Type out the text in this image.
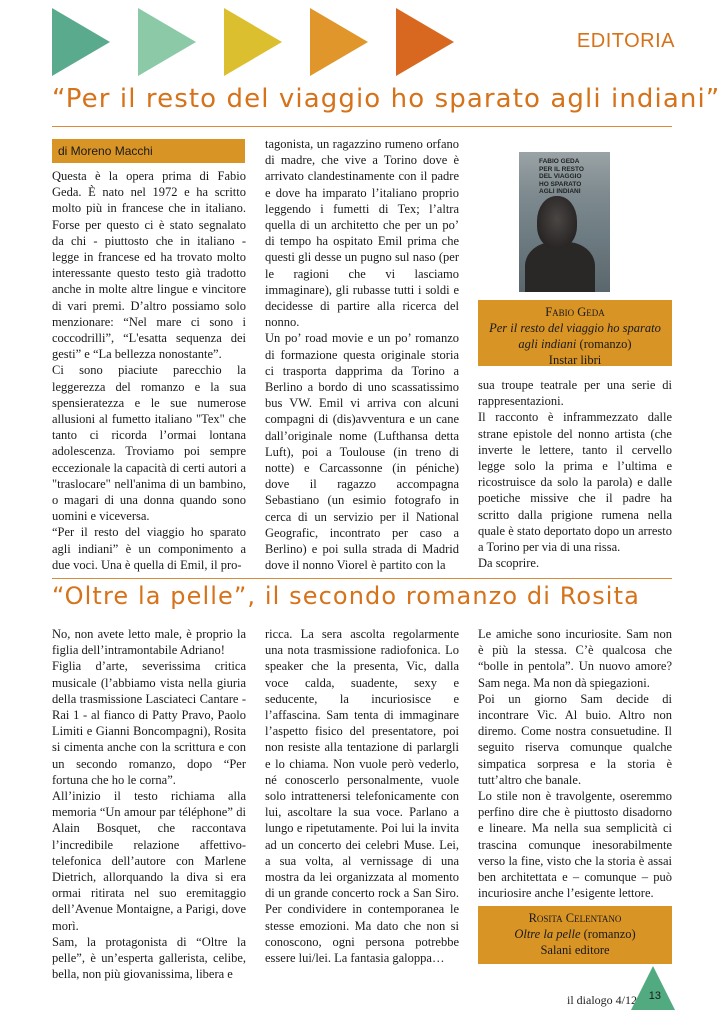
EDITORIA
“Per il resto del viaggio ho sparato agli indiani”
di Moreno Macchi

Questa è la opera prima di Fabio Geda. È nato nel 1972 e ha scritto molto più in francese che in italiano. Forse per questo ci è stato segnalato da chi - piuttosto che in italiano - legge in francese ed ha trovato molto interessante questo testo già tradotto anche in molte altre lingue e vincitore di vari premi. D’altro possiamo solo menzionare: “Nel mare ci sono i coccodrilli”, “L'esatta sequenza dei gesti” e “La bellezza nonostante”.

Ci sono piaciute parecchio la leggerezza del romanzo e la sua spensieratezza e le sue numerose allusioni al fumetto italiano "Tex" che tanto ci ricorda l’ormai lontana adolescenza. Troviamo poi sempre eccezionale la capacità di certi autori a "traslocare" nell'anima di un bambino, o magari di una donna quando sono uomini e viceversa.

“Per il resto del viaggio ho sparato agli indiani” è un componimento a due voci. Una è quella di Emil, il pro-

tagonista, un ragazzino rumeno orfano di madre, che vive a Torino dove è arrivato clandestinamente con il padre e dove ha imparato l’italiano proprio leggendo i fumetti di Tex; l’altra quella di un architetto che per un po’ di tempo ha ospitato Emil prima che questi gli desse un pugno sul naso (per le ragioni che vi lasciamo immaginare), gli rubasse tutti i soldi e decidesse di partire alla ricerca del nonno.

Un po’ road movie e un po’ romanzo di formazione questa originale storia ci trasporta dapprima da Torino a Berlino a bordo di uno scassatissimo bus VW. Emil vi arriva con alcuni compagni di (dis)avventura e un cane dall’originale nome (Lufthansa detta Luft), poi a Toulouse (in treno di notte) e Carcassonne (in péniche) dove il ragazzo accompagna Sebastiano (un esimio fotografo in cerca di un servizio per il National Geografic, incontrato per caso a Berlino) e poi sulla strada di Madrid dove il nonno Viorel è partito con la

FABIO GEDA PER IL RESTO DEL VIAGGIO HO SPARATO AGLI INDIANI
Fabio Geda
Per il resto del viaggio ho sparato agli indiani (romanzo)
Instar libri

sua troupe teatrale per una serie di rappresentazioni.

Il racconto è inframmezzato dalle strane epistole del nonno artista (che inverte le lettere, tanto il cervello legge solo la prima e l’ultima e ricostruisce da solo la parola) e dalle poetiche missive che il padre ha scritto dalla prigione rumena nella quale è stato deportato dopo un arresto a Torino per via di una rissa.

Da scoprire.

“Oltre la pelle”, il secondo romanzo di Rosita

No, non avete letto male, è proprio la figlia dell’intramontabile Adriano!

Figlia d’arte, severissima critica musicale (l’abbiamo vista nella giuria della trasmissione Lasciateci Cantare - Rai 1 - al fianco di Patty Pravo, Paolo Limiti e Gianni Boncompagni), Rosita si cimenta anche con la scrittura e con un secondo romanzo, dopo “Per fortuna che ho le corna”.

All’inizio il testo richiama alla memoria “Un amour par téléphone” di Alain Bosquet, che raccontava l’incredibile relazione affettivo-telefonica dell’autore con Marlene Dietrich, allorquando la diva si era ormai ritirata nel suo eremitaggio dell’Avenue Montaigne, a Parigi, dove morì.

Sam, la protagonista di “Oltre la pelle”, è un’esperta gallerista, celibe, bella, non più giovanissima, libera e

ricca. La sera ascolta regolarmente una nota trasmissione radiofonica. Lo speaker che la presenta, Vic, dalla voce calda, suadente, sexy e seducente, la incuriosisce e l’affascina. Sam tenta di immaginare l’aspetto fisico del presentatore, poi non resiste alla tentazione di parlargli e lo chiama. Non vuole però vederlo, né conoscerlo personalmente, vuole solo intrattenersi telefonicamente con lui, ascoltare la sua voce. Parlano a lungo e ripetutamente. Poi lui la invita ad un concerto dei celebri Muse. Lei, a sua volta, al vernissage di una mostra da lei organizzata al momento di un grande concerto rock a San Siro. Per condividere in contemporanea le stesse emozioni. Ma dato che non si conoscono, ogni persona potrebbe essere lui/lei. La fantasia galoppa…

Le amiche sono incuriosite. Sam non è più la stessa. C’è qualcosa che “bolle in pentola”. Un nuovo amore? Sam nega. Ma non dà spiegazioni.

Poi un giorno Sam decide di incontrare Vic. Al buio. Altro non diremo. Come nostra consuetudine. Il seguito riserva comunque qualche simpatica sorpresa e la storia è tutt’altro che banale.

Lo stile non è travolgente, oseremmo perfino dire che è piuttosto disadorno e lineare. Ma nella sua semplicità ci trascina comunque inesorabilmente verso la fine, visto che la storia è assai ben architettata e – comunque – può incuriosire anche l’esigente lettore.

Rosita Celentano
Oltre la pelle (romanzo)
Salani editore
il dialogo 4/12 13
